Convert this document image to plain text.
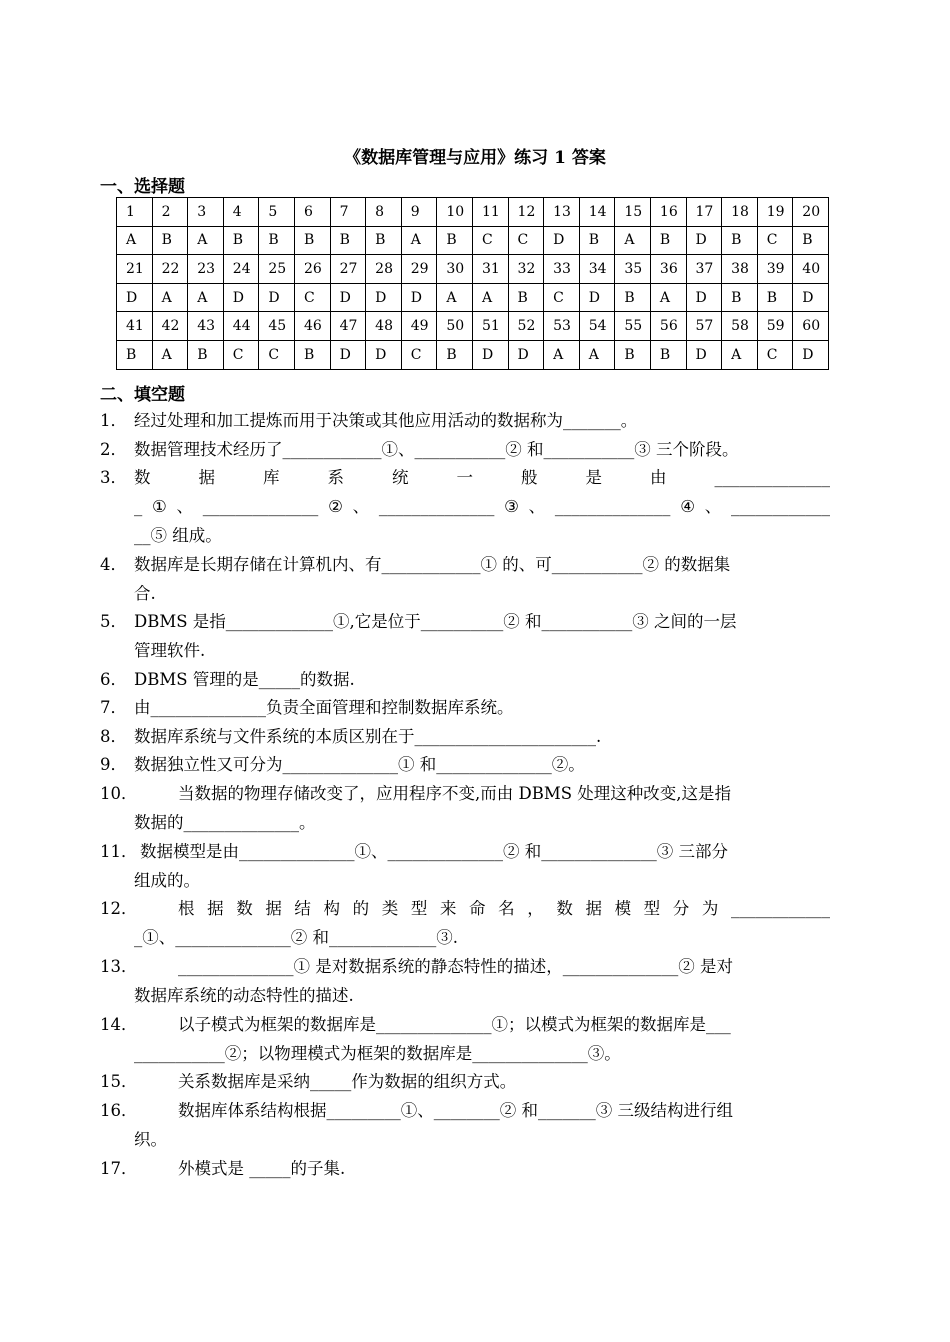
《数据库管理与应用》练习 1 答案
一、选择题
1	2	3	4	5	6	7	8	9	10	11	12	13	14	15	16	17	18	19	20
A	B	A	B	B	B	B	B	A	B	C	C	D	B	A	B	D	B	C	B
21	22	23	24	25	26	27	28	29	30	31	32	33	34	35	36	37	38	39	40
D	A	A	D	D	C	D	D	D	A	A	B	C	D	B	A	D	B	B	D
41	42	43	44	45	46	47	48	49	50	51	52	53	54	55	56	57	58	59	60
B	A	B	C	C	B	D	D	C	B	D	D	A	A	B	B	D	A	C	D
二、填空题
1． 经过处理和加工提炼而用于决策或其他应用活动的数据称为_______。
2． 数据管理技术经历了____________①、___________② 和___________③ 三个阶段。
3． 数 据 库 系 统 一 般 是 由 ______________
_①、______________②、______________③、______________④、____________
__⑤ 组成。
4． 数据库是长期存储在计算机内、有____________① 的、可___________② 的数据集
合.
5． DBMS 是指_____________①,它是位于__________② 和___________③ 之间的一层
管理软件.
6． DBMS 管理的是_____的数据.
7． 由______________负责全面管理和控制数据库系统。
8． 数据库系统与文件系统的本质区别在于______________________.
9． 数据独立性又可分为______________① 和______________②。
10．	当数据的物理存储改变了，应用程序不变,而由 DBMS 处理这种改变,这是指
数据的______________。
11． 数据模型是由______________①、______________② 和______________③ 三部分
组成的。
12．	根 据 数 据 结 构 的 类 型 来 命 名 ， 数 据 模 型 分 为 ____________
_①、______________② 和_____________③.
13．	______________① 是对数据系统的静态特性的描述，______________② 是对
数据库系统的动态特性的描述.
14．	以子模式为框架的数据库是______________①；以模式为框架的数据库是___
___________②；以物理模式为框架的数据库是______________③。
15．	关系数据库是采纳_____作为数据的组织方式。
16．	数据库体系结构根据_________①、________② 和_______③ 三级结构进行组
织。
17．	外模式是 _____的子集.
